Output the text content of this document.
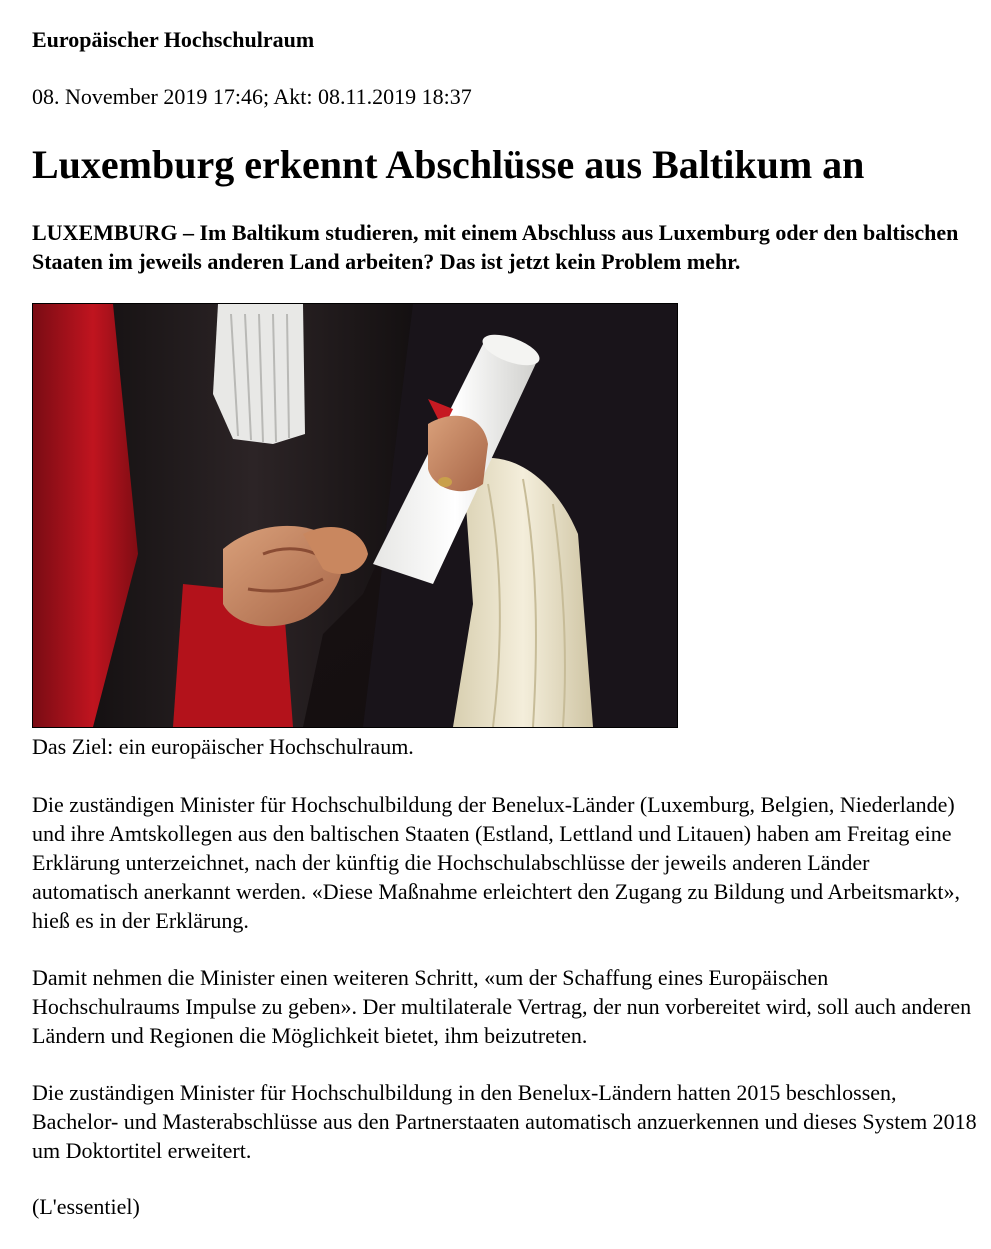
Europäischer Hochschulraum
08. November 2019 17:46; Akt: 08.11.2019 18:37
Luxemburg erkennt Abschlüsse aus Baltikum an

LUXEMBURG – Im Baltikum studieren, mit einem Abschluss aus Luxemburg oder den baltischen Staaten im jeweils anderen Land arbeiten? Das ist jetzt kein Problem mehr.

Das Ziel: ein europäischer Hochschulraum.

Die zuständigen Minister für Hochschulbildung der Benelux-Länder (Luxemburg, Belgien, Niederlande) und ihre Amtskollegen aus den baltischen Staaten (Estland, Lettland und Litauen) haben am Freitag eine Erklärung unterzeichnet, nach der künftig die Hochschulabschlüsse der jeweils anderen Länder automatisch anerkannt werden. «Diese Maßnahme erleichtert den Zugang zu Bildung und Arbeitsmarkt», hieß es in der Erklärung.

Damit nehmen die Minister einen weiteren Schritt, «um der Schaffung eines Europäischen Hochschulraums Impulse zu geben». Der multilaterale Vertrag, der nun vorbereitet wird, soll auch anderen Ländern und Regionen die Möglichkeit bietet, ihm beizutreten.

Die zuständigen Minister für Hochschulbildung in den Benelux-Ländern hatten 2015 beschlossen, Bachelor- und Masterabschlüsse aus den Partnerstaaten automatisch anzuerkennen und dieses System 2018 um Doktortitel erweitert.

(L'essentiel)
